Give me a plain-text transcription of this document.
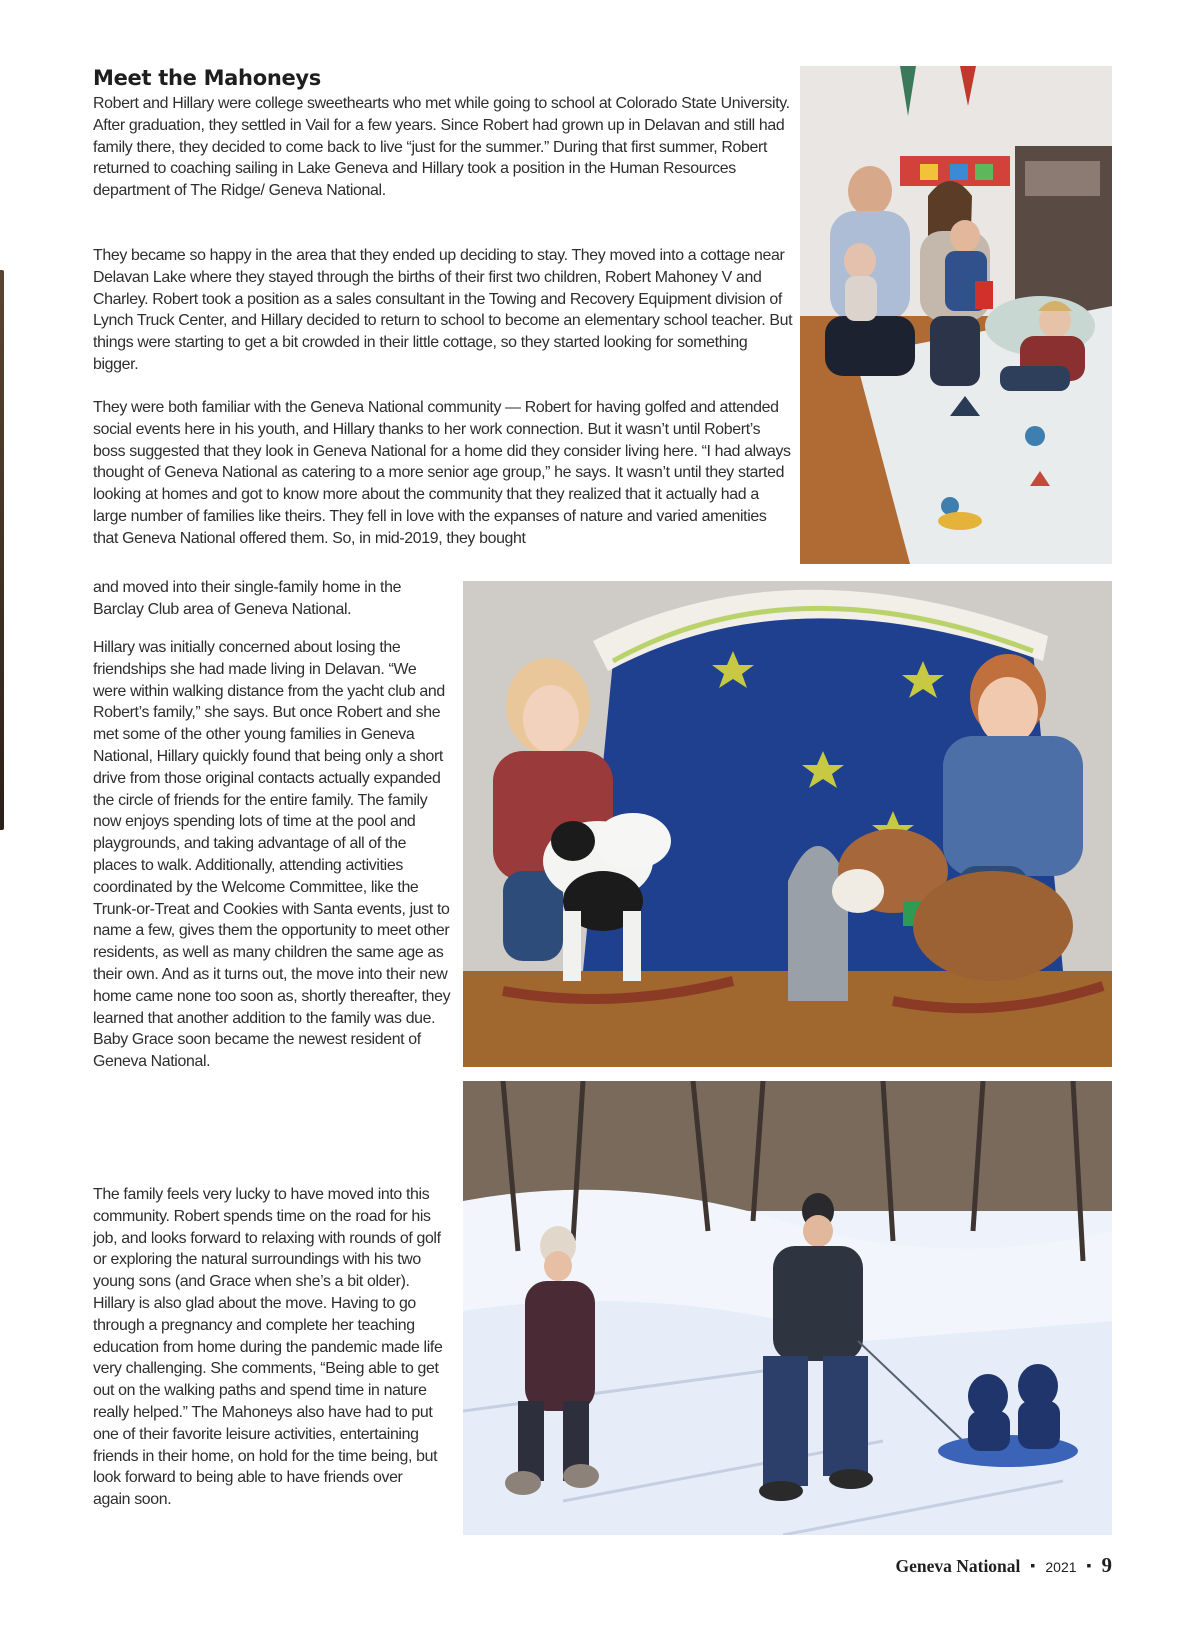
Meet the Mahoneys

Robert and Hillary were college sweethearts who met while going to school at Colorado State University. After graduation, they settled in Vail for a few years. Since Robert had grown up in Delavan and still had family there, they decided to come back to live “just for the summer.” During that first summer, Robert returned to coaching sailing in Lake Geneva and Hillary took a position in the Human Resources department of The Ridge/ Geneva National.

They became so happy in the area that they ended up deciding to stay. They moved into a cottage near Delavan Lake where they stayed through the births of their first two children, Robert Mahoney V and Charley. Robert took a position as a sales consultant in the Towing and Recovery Equipment division of Lynch Truck Center, and Hillary decided to return to school to become an elementary school teacher. But things were starting to get a bit crowded in their little cottage, so they started looking for something bigger.

They were both familiar with the Geneva National community — Robert for having golfed and attended social events here in his youth, and Hillary thanks to her work connection. But it wasn’t until Robert’s boss suggested that they look in Geneva National for a home did they consider living here. “I had always thought of Geneva National as catering to a more senior age group,” he says. It wasn’t until they started looking at homes and got to know more about the community that they realized that it actually had a large number of families like theirs. They fell in love with the expanses of nature and varied amenities that Geneva National offered them. So, in mid-2019, they bought

and moved into their single-family home in the Barclay Club area of Geneva National.

Hillary was initially concerned about losing the friendships she had made living in Delavan. “We were within walking distance from the yacht club and Robert’s family,” she says. But once Robert and she met some of the other young families in Geneva National, Hillary quickly found that being only a short drive from those original contacts actually expanded the circle of friends for the entire family. The family now enjoys spending lots of time at the pool and playgrounds, and taking advantage of all of the places to walk. Additionally, attending activities coordinated by the Welcome Committee, like the Trunk-or-Treat and Cookies with Santa events, just to name a few, gives them the opportunity to meet other residents, as well as many children the same age as their own. And as it turns out, the move into their new home came none too soon as, shortly thereafter, they learned that another addition to the family was due. Baby Grace soon became the newest resident of Geneva National.

The family feels very lucky to have moved into this community. Robert spends time on the road for his job, and looks forward to relaxing with rounds of golf or exploring the natural surroundings with his two young sons (and Grace when she’s a bit older). Hillary is also glad about the move. Having to go through a pregnancy and complete her teaching education from home during the pandemic made life very challenging. She comments, “Being able to get out on the walking paths and spend time in nature really helped.” The Mahoneys also have had to put one of their favorite leisure activities, entertaining friends in their home, on hold for the time being, but look forward to being able to have friends over again soon.

Geneva National ▪ 2021 ▪ 9
